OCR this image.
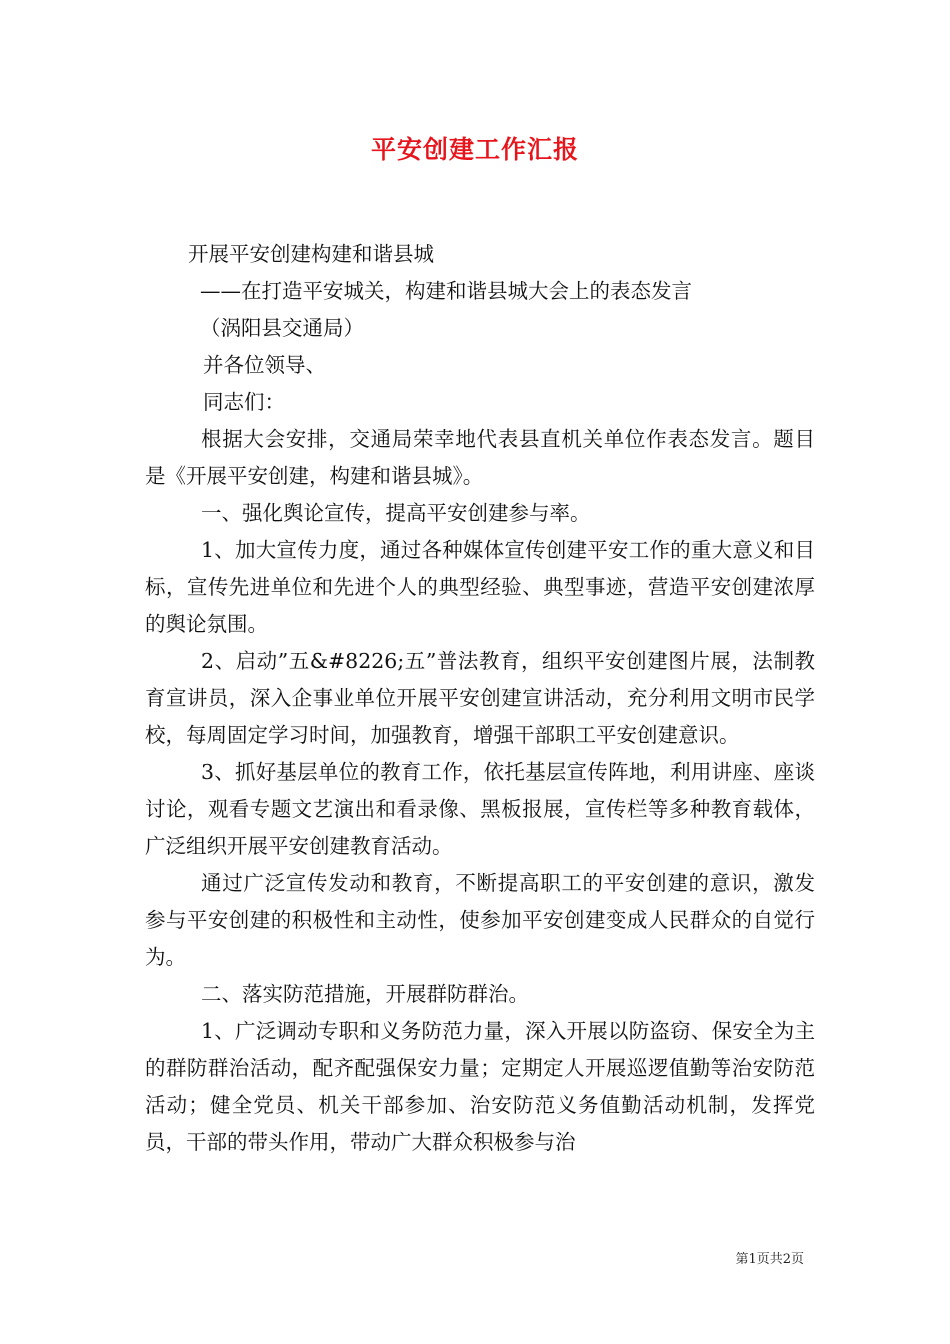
平安创建工作汇报
开展平安创建构建和谐县城
——在打造平安城关，构建和谐县城大会上的表态发言
（涡阳县交通局）
并各位领导、
同志们：

根据大会安排，交通局荣幸地代表县直机关单位作表态发言。题目是《开展平安创建，构建和谐县城》。

一、强化舆论宣传，提高平安创建参与率。

1、加大宣传力度，通过各种媒体宣传创建平安工作的重大意义和目标，宣传先进单位和先进个人的典型经验、典型事迹，营造平安创建浓厚的舆论氛围。

2、启动”五&#8226;五”普法教育，组织平安创建图片展，法制教育宣讲员，深入企事业单位开展平安创建宣讲活动，充分利用文明市民学校，每周固定学习时间，加强教育，增强干部职工平安创建意识。

3、抓好基层单位的教育工作，依托基层宣传阵地，利用讲座、座谈讨论，观看专题文艺演出和看录像、黑板报展，宣传栏等多种教育载体，广泛组织开展平安创建教育活动。

通过广泛宣传发动和教育，不断提高职工的平安创建的意识，激发参与平安创建的积极性和主动性，使参加平安创建变成人民群众的自觉行为。

二、落实防范措施，开展群防群治。

1、广泛调动专职和义务防范力量，深入开展以防盗窃、保安全为主的群防群治活动，配齐配强保安力量；定期定人开展巡逻值勤等治安防范活动；健全党员、机关干部参加、治安防范义务值勤活动机制，发挥党员，干部的带头作用，带动广大群众积极参与治

第1页共2页
